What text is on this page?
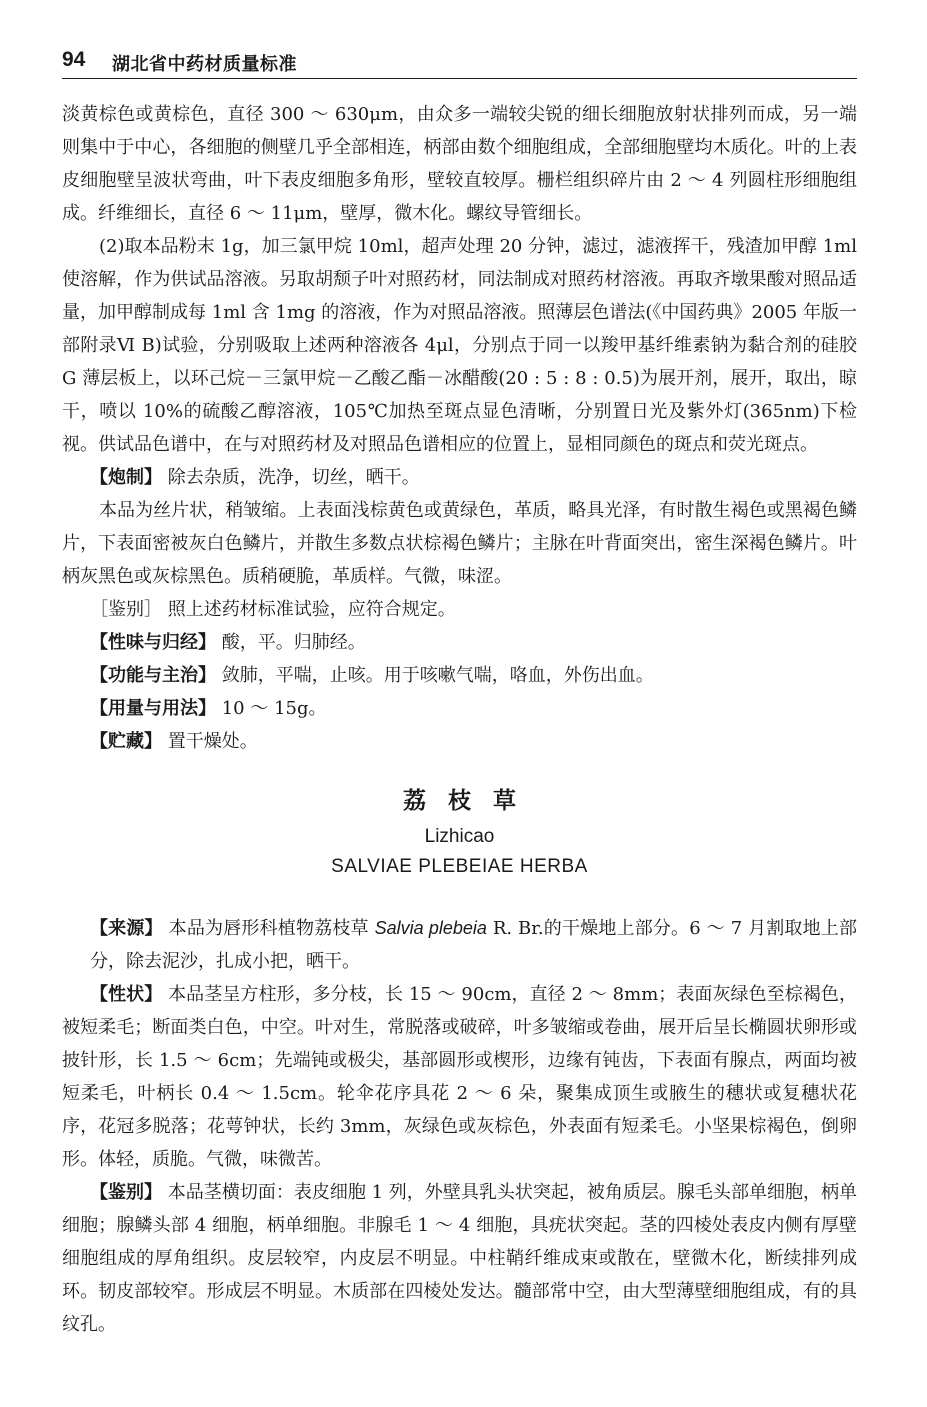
94 湖北省中药材质量标准

淡黄棕色或黄棕色，直径 300 ～ 630μm，由众多一端较尖锐的细长细胞放射状排列而成，另一端则集中于中心，各细胞的侧壁几乎全部相连，柄部由数个细胞组成，全部细胞壁均木质化。叶的上表皮细胞壁呈波状弯曲，叶下表皮细胞多角形，壁较直较厚。栅栏组织碎片由 2 ～ 4 列圆柱形细胞组成。纤维细长，直径 6 ～ 11μm，壁厚，微木化。螺纹导管细长。

(2)取本品粉末 1g，加三氯甲烷 10ml，超声处理 20 分钟，滤过，滤液挥干，残渣加甲醇 1ml 使溶解，作为供试品溶液。另取胡颓子叶对照药材，同法制成对照药材溶液。再取齐墩果酸对照品适量，加甲醇制成每 1ml 含 1mg 的溶液，作为对照品溶液。照薄层色谱法(《中国药典》2005 年版一部附录Ⅵ B)试验，分别吸取上述两种溶液各 4μl，分别点于同一以羧甲基纤维素钠为黏合剂的硅胶 G 薄层板上，以环己烷－三氯甲烷－乙酸乙酯－冰醋酸(20 : 5 : 8 : 0.5)为展开剂，展开，取出，晾干，喷以 10%的硫酸乙醇溶液，105℃加热至斑点显色清晰，分别置日光及紫外灯(365nm)下检视。供试品色谱中，在与对照药材及对照品色谱相应的位置上，显相同颜色的斑点和荧光斑点。

【炮制】 除去杂质，洗净，切丝，晒干。

本品为丝片状，稍皱缩。上表面浅棕黄色或黄绿色，革质，略具光泽，有时散生褐色或黑褐色鳞片，下表面密被灰白色鳞片，并散生多数点状棕褐色鳞片；主脉在叶背面突出，密生深褐色鳞片。叶柄灰黑色或灰棕黑色。质稍硬脆，革质样。气微，味涩。

［鉴别］ 照上述药材标准试验，应符合规定。

【性味与归经】 酸，平。归肺经。

【功能与主治】 敛肺，平喘，止咳。用于咳嗽气喘，咯血，外伤出血。

【用量与用法】 10 ～ 15g。

【贮藏】 置干燥处。

荔枝草
Lizhicao
SALVIAE PLEBEIAE HERBA

【来源】 本品为唇形科植物荔枝草 Salvia plebeia R. Br.的干燥地上部分。6 ～ 7 月割取地上部分，除去泥沙，扎成小把，晒干。

【性状】 本品茎呈方柱形，多分枝，长 15 ～ 90cm，直径 2 ～ 8mm；表面灰绿色至棕褐色，被短柔毛；断面类白色，中空。叶对生，常脱落或破碎，叶多皱缩或卷曲，展开后呈长椭圆状卵形或披针形，长 1.5 ～ 6cm；先端钝或极尖，基部圆形或楔形，边缘有钝齿，下表面有腺点，两面均被短柔毛，叶柄长 0.4 ～ 1.5cm。轮伞花序具花 2 ～ 6 朵，聚集成顶生或腋生的穗状或复穗状花序，花冠多脱落；花萼钟状，长约 3mm，灰绿色或灰棕色，外表面有短柔毛。小坚果棕褐色，倒卵形。体轻，质脆。气微，味微苦。

【鉴别】 本品茎横切面：表皮细胞 1 列，外壁具乳头状突起，被角质层。腺毛头部单细胞，柄单细胞；腺鳞头部 4 细胞，柄单细胞。非腺毛 1 ～ 4 细胞，具疣状突起。茎的四棱处表皮内侧有厚壁细胞组成的厚角组织。皮层较窄，内皮层不明显。中柱鞘纤维成束或散在，壁微木化，断续排列成环。韧皮部较窄。形成层不明显。木质部在四棱处发达。髓部常中空，由大型薄壁细胞组成，有的具纹孔。
